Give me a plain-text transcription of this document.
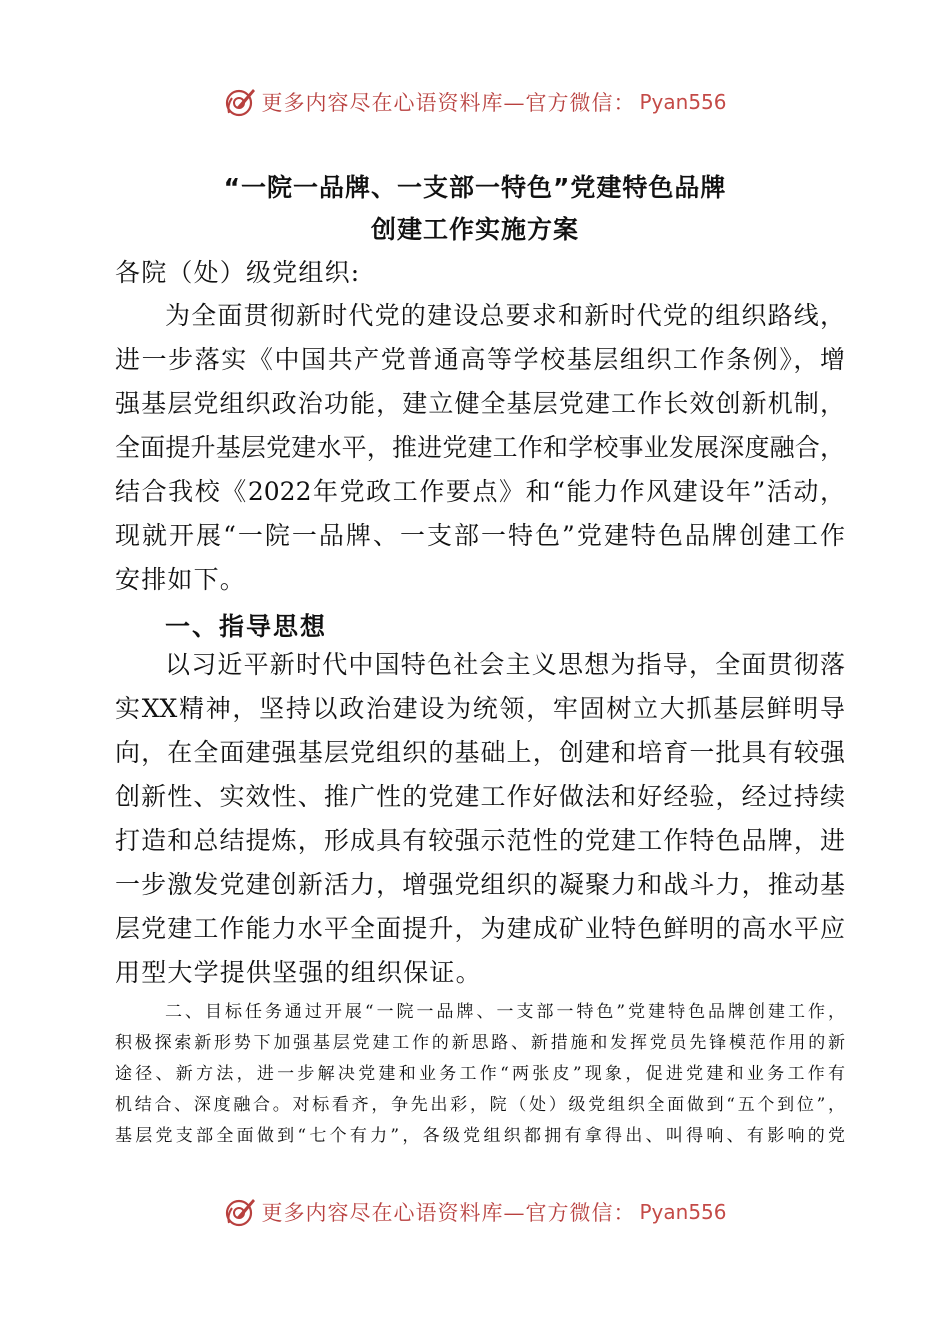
更多内容尽在心语资料库—官方微信： Pyan556
“一院一品牌、一支部一特色”党建特色品牌
创建工作实施方案
各院（处）级党组织:
为全面贯彻新时代党的建设总要求和新时代党的组织路线，
进一步落实《中国共产党普通高等学校基层组织工作条例》，增
强基层党组织政治功能，建立健全基层党建工作长效创新机制，
全面提升基层党建水平，推进党建工作和学校事业发展深度融合，
结合我校《2022年党政工作要点》和“能力作风建设年”活动，
现就开展“一院一品牌、一支部一特色”党建特色品牌创建工作
安排如下。
一、指导思想
以习近平新时代中国特色社会主义思想为指导，全面贯彻落
实XX精神，坚持以政治建设为统领，牢固树立大抓基层鲜明导
向，在全面建强基层党组织的基础上，创建和培育一批具有较强
创新性、实效性、推广性的党建工作好做法和好经验，经过持续
打造和总结提炼，形成具有较强示范性的党建工作特色品牌，进
一步激发党建创新活力，增强党组织的凝聚力和战斗力，推动基
层党建工作能力水平全面提升，为建成矿业特色鲜明的高水平应
用型大学提供坚强的组织保证。
二、目标任务通过开展“一院一品牌、一支部一特色”党建特色品牌创建工作，
积极探索新形势下加强基层党建工作的新思路、新措施和发挥党员先锋模范作用的新
途径、新方法，进一步解决党建和业务工作“两张皮”现象，促进党建和业务工作有
机结合、深度融合。对标看齐，争先出彩，院（处）级党组织全面做到“五个到位”，
基层党支部全面做到“七个有力”，各级党组织都拥有拿得出、叫得响、有影响的党
更多内容尽在心语资料库—官方微信： Pyan556
